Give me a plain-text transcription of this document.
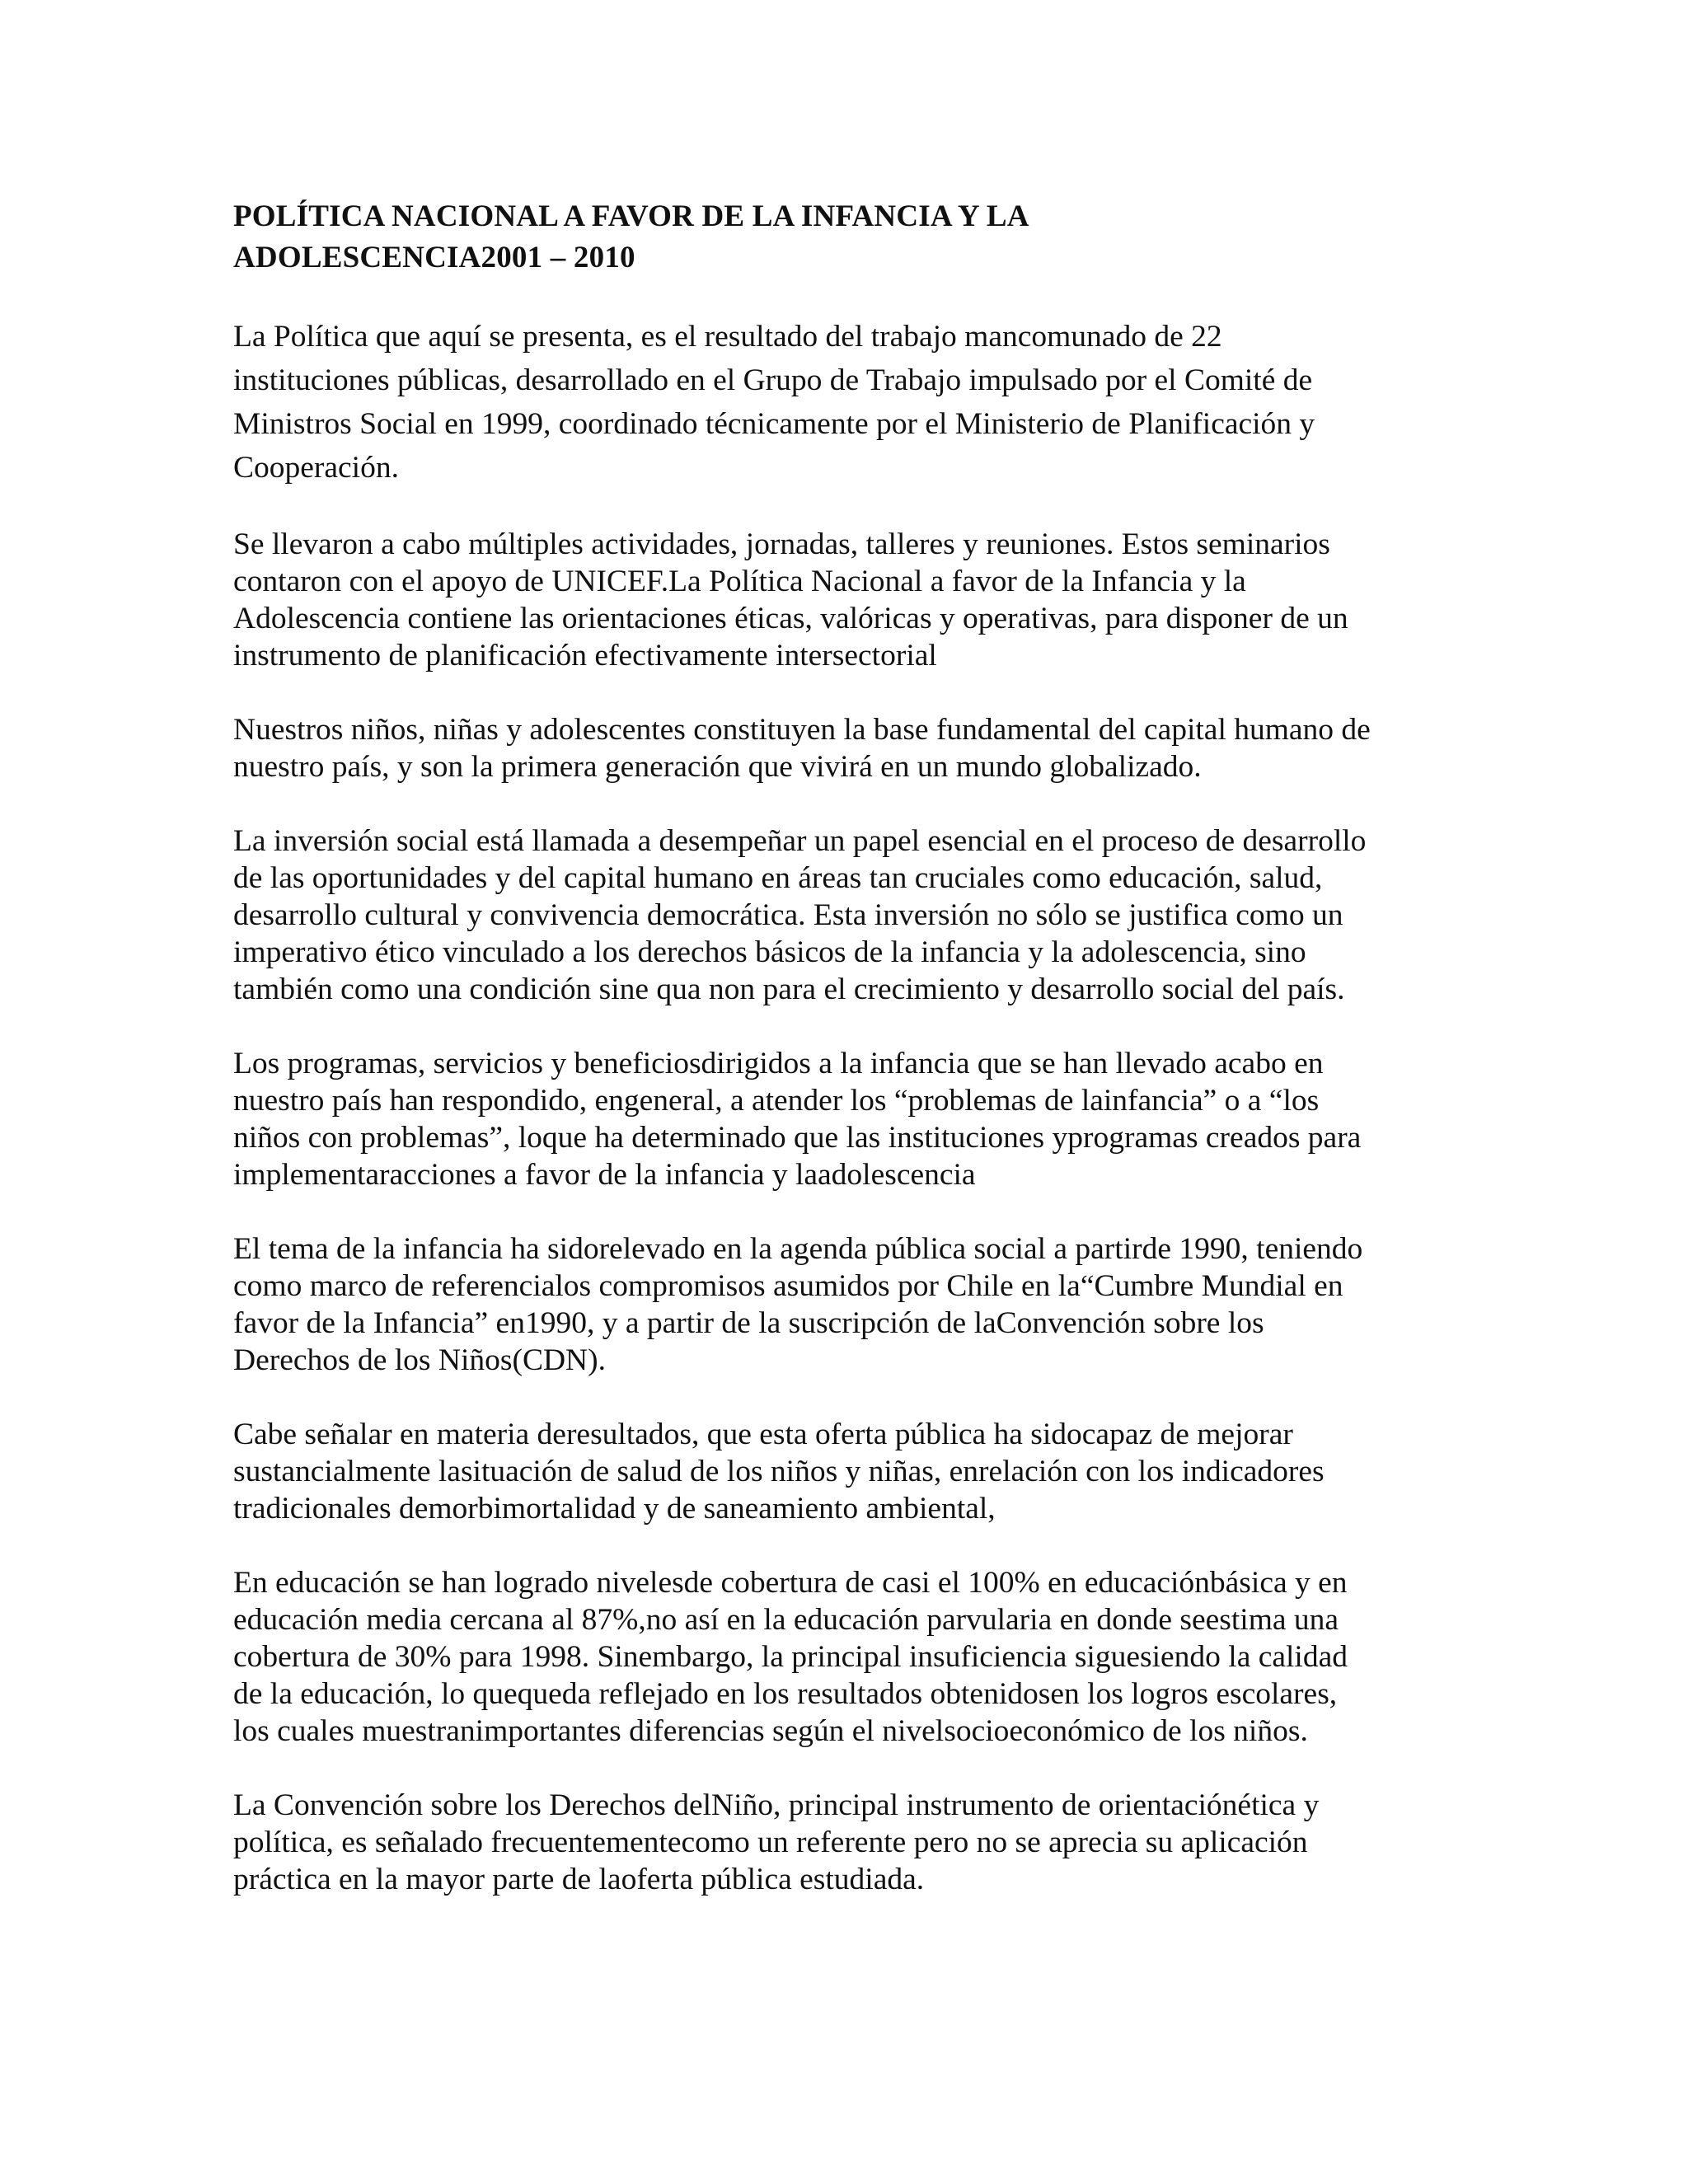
POLÍTICA NACIONAL A FAVOR DE LA INFANCIA Y LA
ADOLESCENCIA2001 – 2010

La Política que aquí se presenta, es el resultado del trabajo mancomunado de 22
instituciones públicas, desarrollado en el Grupo de Trabajo impulsado por el Comité de
Ministros Social en 1999, coordinado técnicamente por el Ministerio de Planificación y
Cooperación.

Se llevaron a cabo múltiples actividades, jornadas, talleres y reuniones. Estos seminarios
contaron con el apoyo de UNICEF.La Política Nacional a favor de la Infancia y la
Adolescencia contiene las orientaciones éticas, valóricas y operativas, para disponer de un
instrumento de planificación efectivamente intersectorial

Nuestros niños, niñas y adolescentes constituyen la base fundamental del capital humano de
nuestro país, y son la primera generación que vivirá en un mundo globalizado.

La inversión social está llamada a desempeñar un papel esencial en el proceso de desarrollo
de las oportunidades y del capital humano en áreas tan cruciales como educación, salud,
desarrollo cultural y convivencia democrática. Esta inversión no sólo se justifica como un
imperativo ético vinculado a los derechos básicos de la infancia y la adolescencia, sino
también como una condición sine qua non para el crecimiento y desarrollo social del país.

Los programas, servicios y beneficiosdirigidos a la infancia que se han llevado acabo en
nuestro país han respondido, engeneral, a atender los “problemas de lainfancia” o a “los
niños con problemas”, loque ha determinado que las instituciones yprogramas creados para
implementaracciones a favor de la infancia y laadolescencia

El tema de la infancia ha sidorelevado en la agenda pública social a partirde 1990, teniendo
como marco de referencialos compromisos asumidos por Chile en la“Cumbre Mundial en
favor de la Infancia” en1990, y a partir de la suscripción de laConvención sobre los
Derechos de los Niños(CDN).

Cabe señalar en materia deresultados, que esta oferta pública ha sidocapaz de mejorar
sustancialmente lasituación de salud de los niños y niñas, enrelación con los indicadores
tradicionales demorbimortalidad y de saneamiento ambiental,

En educación se han logrado nivelesde cobertura de casi el 100% en educaciónbásica y en
educación media cercana al 87%,no así en la educación parvularia en donde seestima una
cobertura de 30% para 1998. Sinembargo, la principal insuficiencia siguesiendo la calidad
de la educación, lo quequeda reflejado en los resultados obtenidosen los logros escolares,
los cuales muestranimportantes diferencias según el nivelsocioeconómico de los niños.

La Convención sobre los Derechos delNiño, principal instrumento de orientaciónética y
política, es señalado frecuentementecomo un referente pero no se aprecia su aplicación
práctica en la mayor parte de laoferta pública estudiada.
